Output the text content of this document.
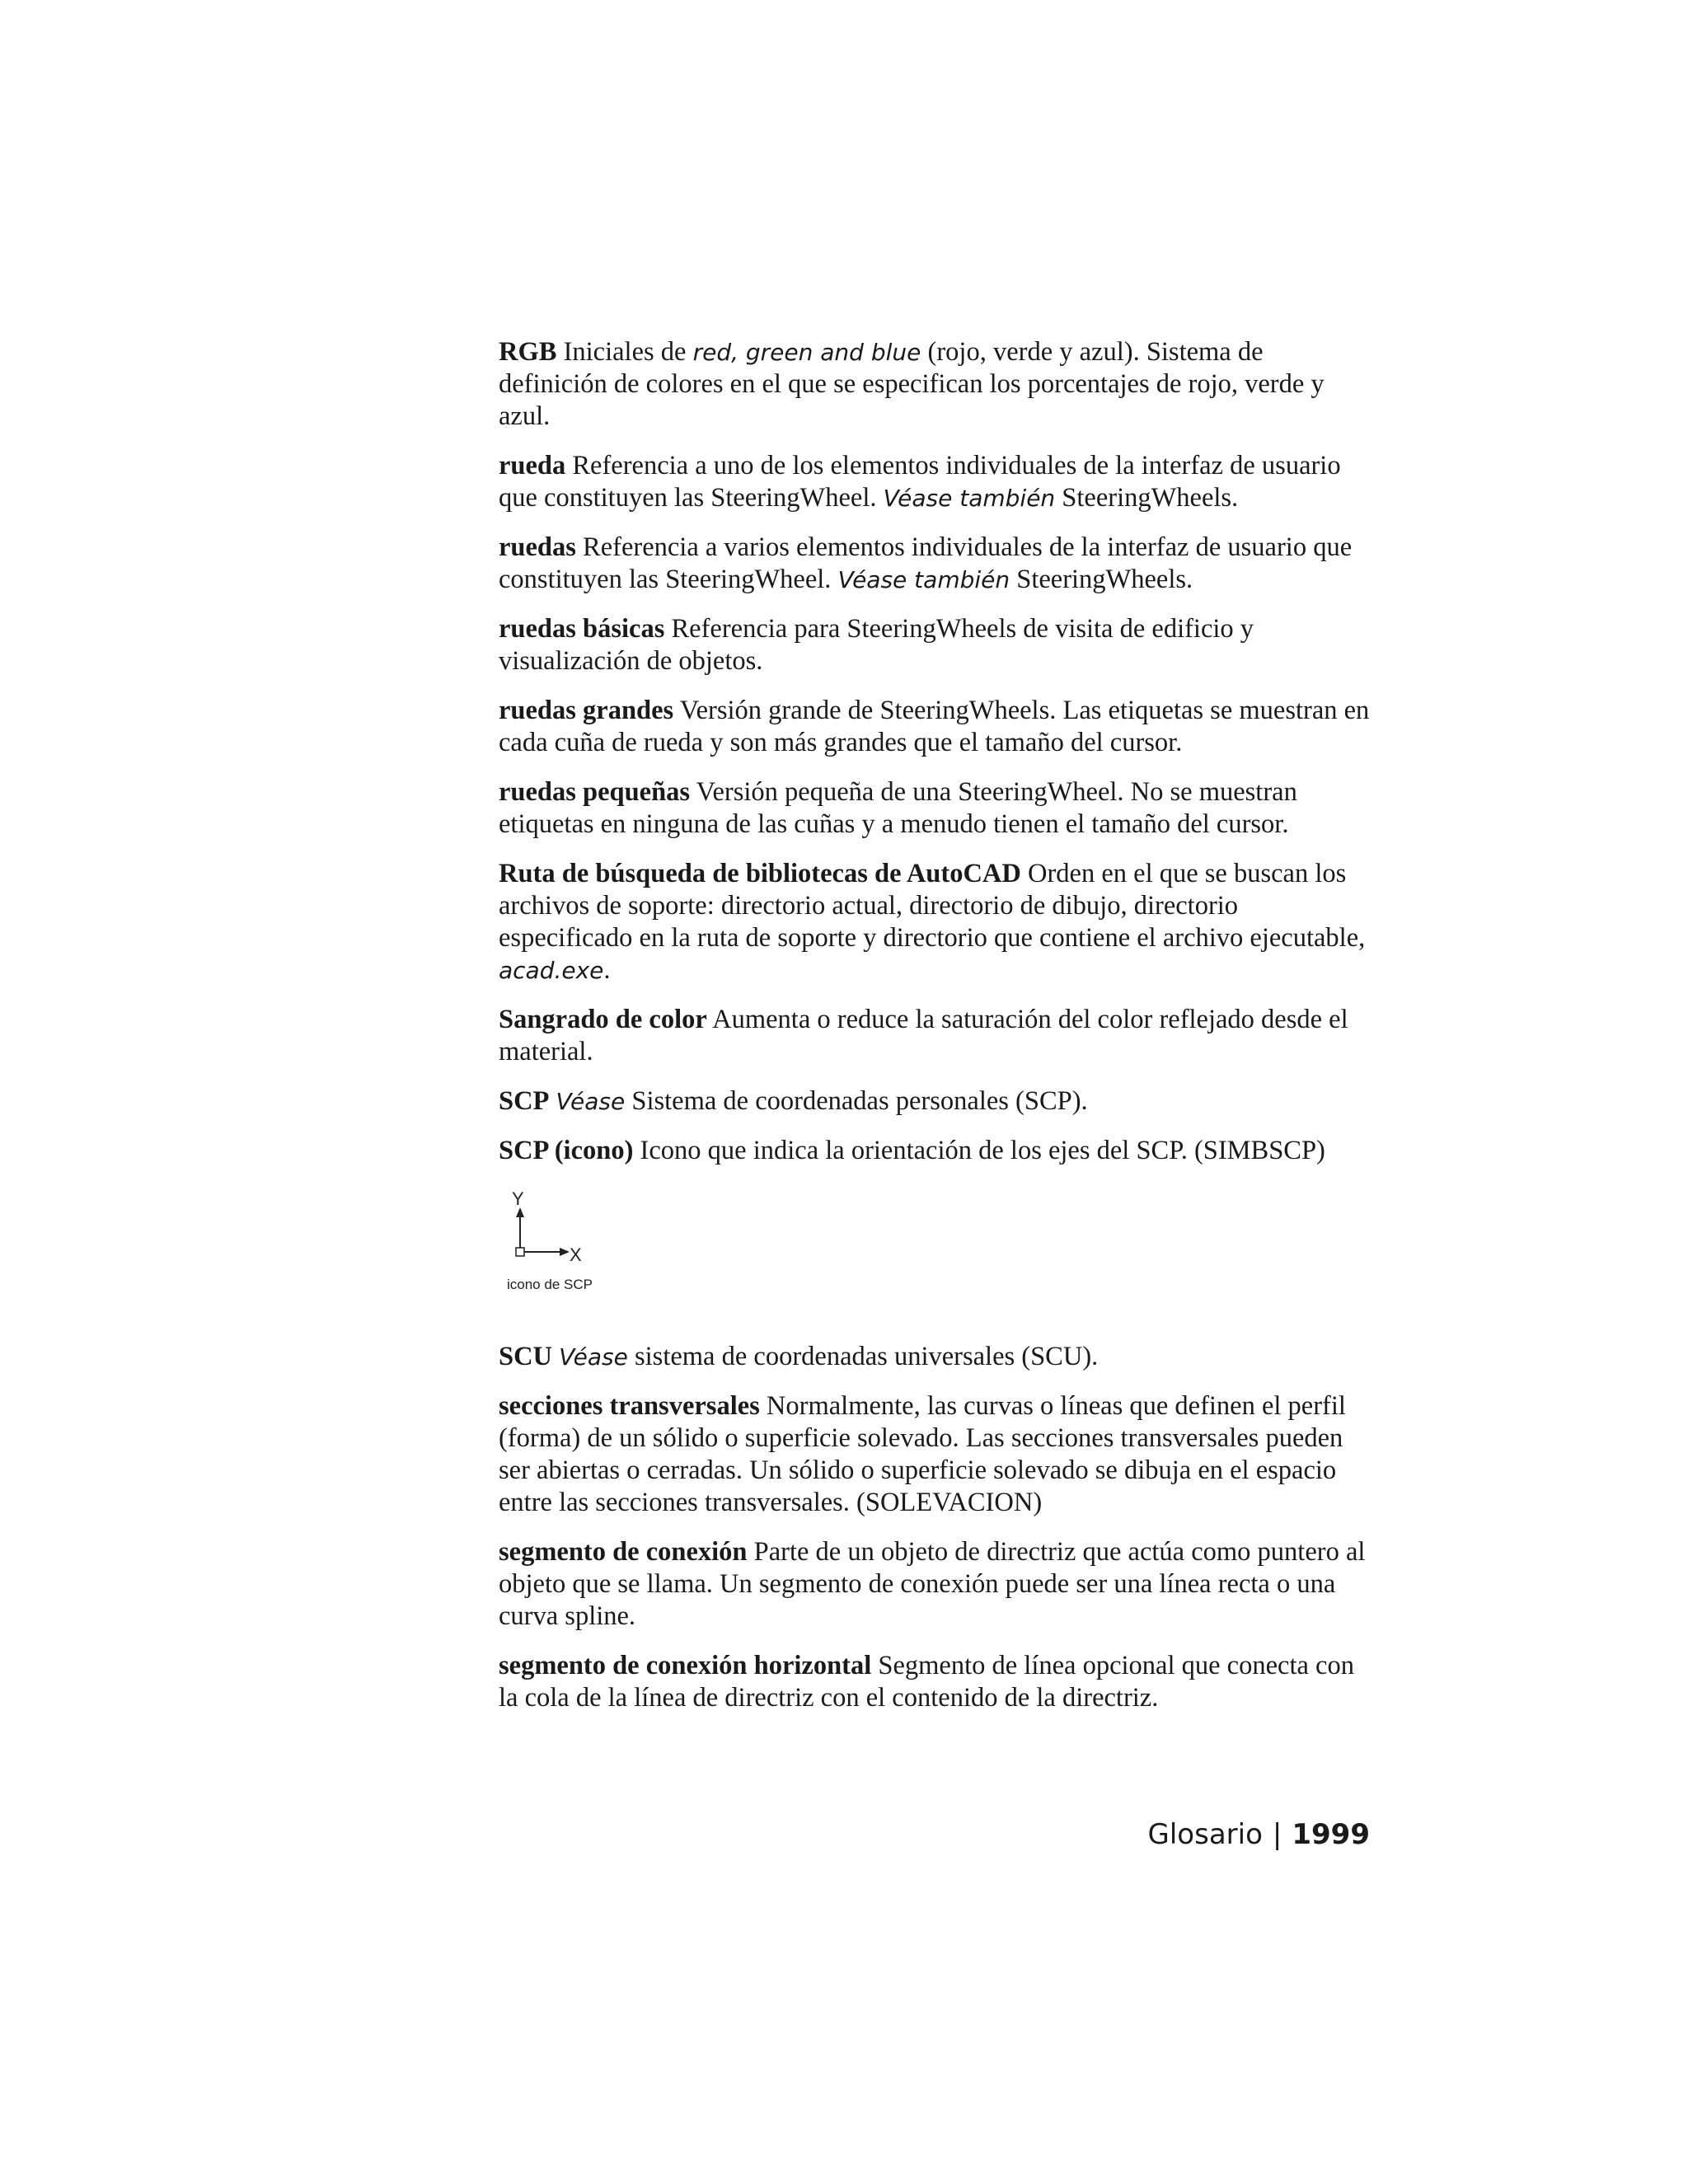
RGB Iniciales de red, green and blue (rojo, verde y azul). Sistema de definición de colores en el que se especifican los porcentajes de rojo, verde y azul.

rueda Referencia a uno de los elementos individuales de la interfaz de usuario que constituyen las SteeringWheel. Véase también SteeringWheels.

ruedas Referencia a varios elementos individuales de la interfaz de usuario que constituyen las SteeringWheel. Véase también SteeringWheels.

ruedas básicas Referencia para SteeringWheels de visita de edificio y visualización de objetos.

ruedas grandes Versión grande de SteeringWheels. Las etiquetas se muestran en cada cuña de rueda y son más grandes que el tamaño del cursor.

ruedas pequeñas Versión pequeña de una SteeringWheel. No se muestran etiquetas en ninguna de las cuñas y a menudo tienen el tamaño del cursor.

Ruta de búsqueda de bibliotecas de AutoCAD Orden en el que se buscan los archivos de soporte: directorio actual, directorio de dibujo, directorio especificado en la ruta de soporte y directorio que contiene el archivo ejecutable, acad.exe.

Sangrado de color Aumenta o reduce la saturación del color reflejado desde el material.

SCP Véase Sistema de coordenadas personales (SCP).

SCP (icono) Icono que indica la orientación de los ejes del SCP. (SIMBSCP)

Y
X
icono de SCP

SCU Véase sistema de coordenadas universales (SCU).

secciones transversales Normalmente, las curvas o líneas que definen el perfil (forma) de un sólido o superficie solevado. Las secciones transversales pueden ser abiertas o cerradas. Un sólido o superficie solevado se dibuja en el espacio entre las secciones transversales. (SOLEVACION)

segmento de conexión Parte de un objeto de directriz que actúa como puntero al objeto que se llama. Un segmento de conexión puede ser una línea recta o una curva spline.

segmento de conexión horizontal Segmento de línea opcional que conecta con la cola de la línea de directriz con el contenido de la directriz.

Glosario | 1999
